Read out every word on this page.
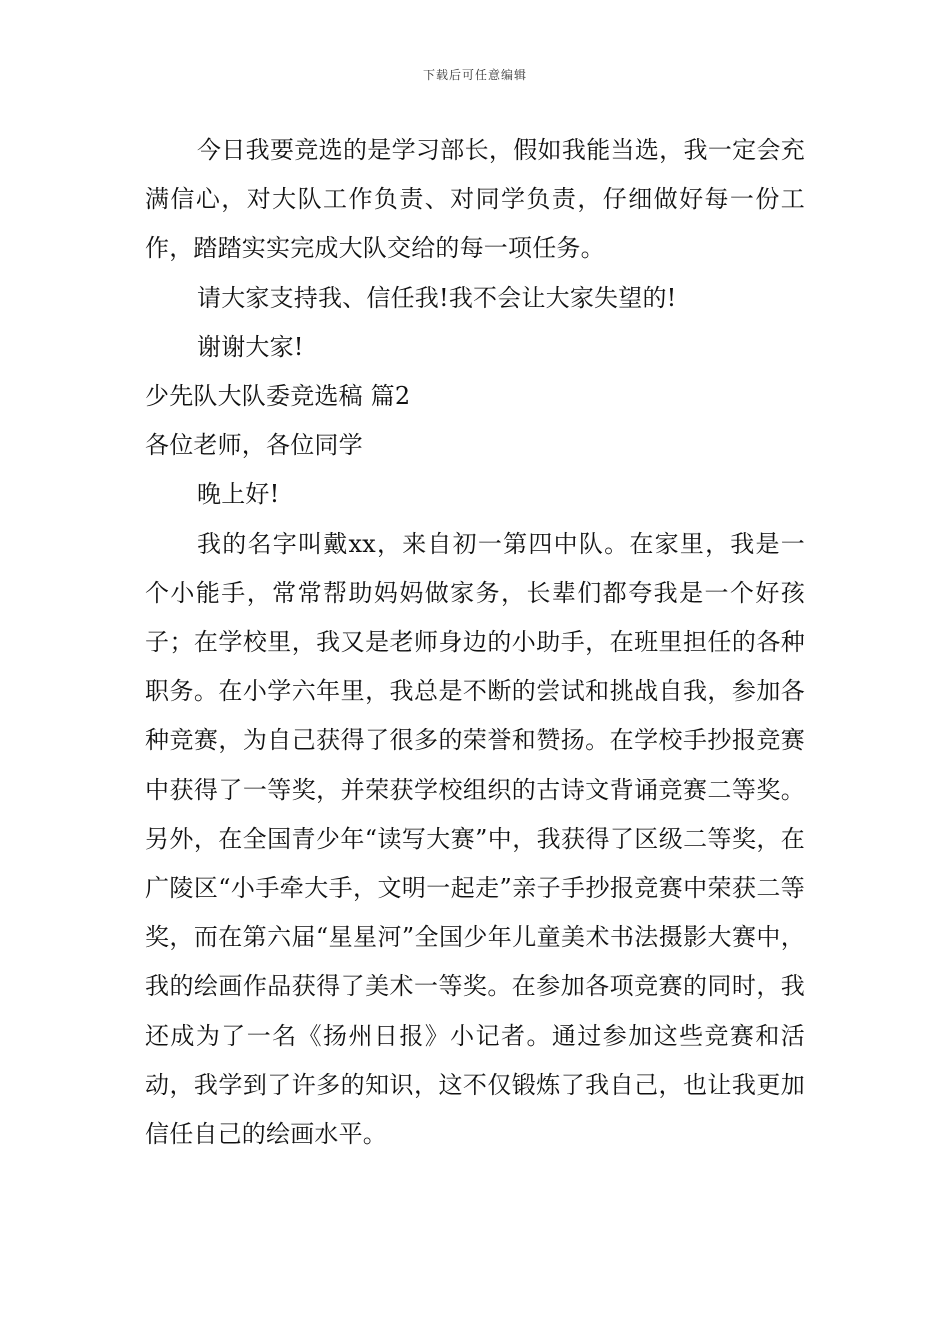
下载后可任意编辑

今日我要竞选的是学习部长，假如我能当选，我一定会充满信心，对大队工作负责、对同学负责，仔细做好每一份工作，踏踏实实完成大队交给的每一项任务。

请大家支持我、信任我!我不会让大家失望的!

谢谢大家!

少先队大队委竞选稿 篇2

各位老师，各位同学

晚上好!

我的名字叫戴xx，来自初一第四中队。在家里，我是一个小能手，常常帮助妈妈做家务，长辈们都夸我是一个好孩子；在学校里，我又是老师身边的小助手，在班里担任的各种职务。在小学六年里，我总是不断的尝试和挑战自我，参加各种竞赛，为自己获得了很多的荣誉和赞扬。在学校手抄报竞赛中获得了一等奖，并荣获学校组织的古诗文背诵竞赛二等奖。另外，在全国青少年“读写大赛”中，我获得了区级二等奖，在广陵区“小手牵大手，文明一起走”亲子手抄报竞赛中荣获二等奖，而在第六届“星星河”全国少年儿童美术书法摄影大赛中，我的绘画作品获得了美术一等奖。在参加各项竞赛的同时，我还成为了一名《扬州日报》小记者。通过参加这些竞赛和活动，我学到了许多的知识，这不仅锻炼了我自己，也让我更加信任自己的绘画水平。
